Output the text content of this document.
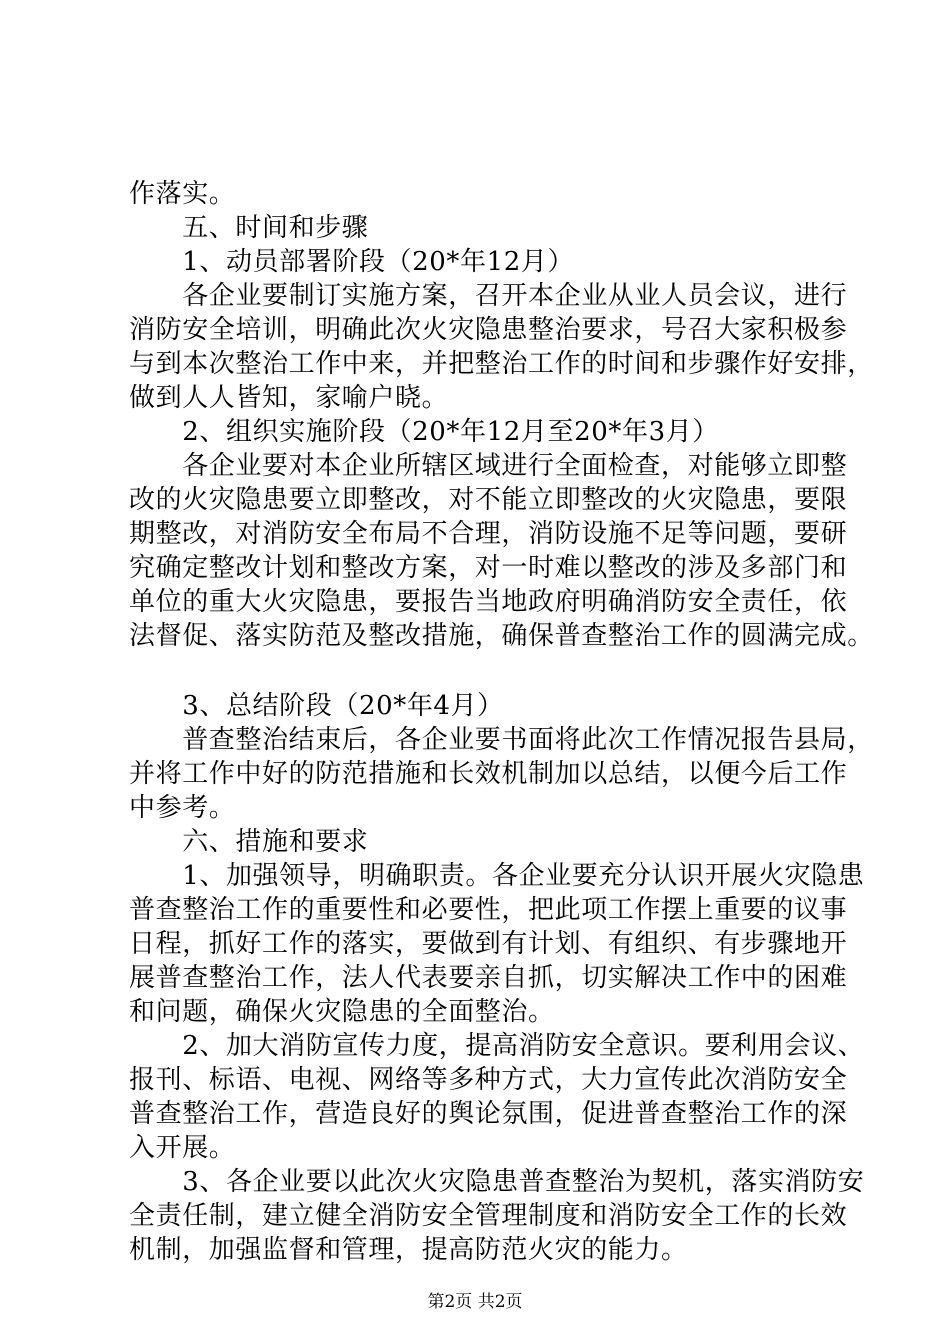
作落实。
　　五、时间和步骤
　　1、动员部署阶段（20*年12月）
　　各企业要制订实施方案，召开本企业从业人员会议，进行
消防安全培训，明确此次火灾隐患整治要求，号召大家积极参
与到本次整治工作中来，并把整治工作的时间和步骤作好安排，
做到人人皆知，家喻户晓。
　　2、组织实施阶段（20*年12月至20*年3月）
　　各企业要对本企业所辖区域进行全面检查，对能够立即整
改的火灾隐患要立即整改，对不能立即整改的火灾隐患，要限
期整改，对消防安全布局不合理，消防设施不足等问题，要研
究确定整改计划和整改方案，对一时难以整改的涉及多部门和
单位的重大火灾隐患，要报告当地政府明确消防安全责任，依
法督促、落实防范及整改措施，确保普查整治工作的圆满完成。
　　3、总结阶段（20*年4月）
　　普查整治结束后，各企业要书面将此次工作情况报告县局，
并将工作中好的防范措施和长效机制加以总结，以便今后工作
中参考。
　　六、措施和要求
　　1、加强领导，明确职责。各企业要充分认识开展火灾隐患
普查整治工作的重要性和必要性，把此项工作摆上重要的议事
日程，抓好工作的落实，要做到有计划、有组织、有步骤地开
展普查整治工作，法人代表要亲自抓，切实解决工作中的困难
和问题，确保火灾隐患的全面整治。
　　2、加大消防宣传力度，提高消防安全意识。要利用会议、
报刊、标语、电视、网络等多种方式，大力宣传此次消防安全
普查整治工作，营造良好的舆论氛围，促进普查整治工作的深
入开展。
　　3、各企业要以此次火灾隐患普查整治为契机，落实消防安
全责任制，建立健全消防安全管理制度和消防安全工作的长效
机制，加强监督和管理，提高防范火灾的能力。
第2页 共2页
